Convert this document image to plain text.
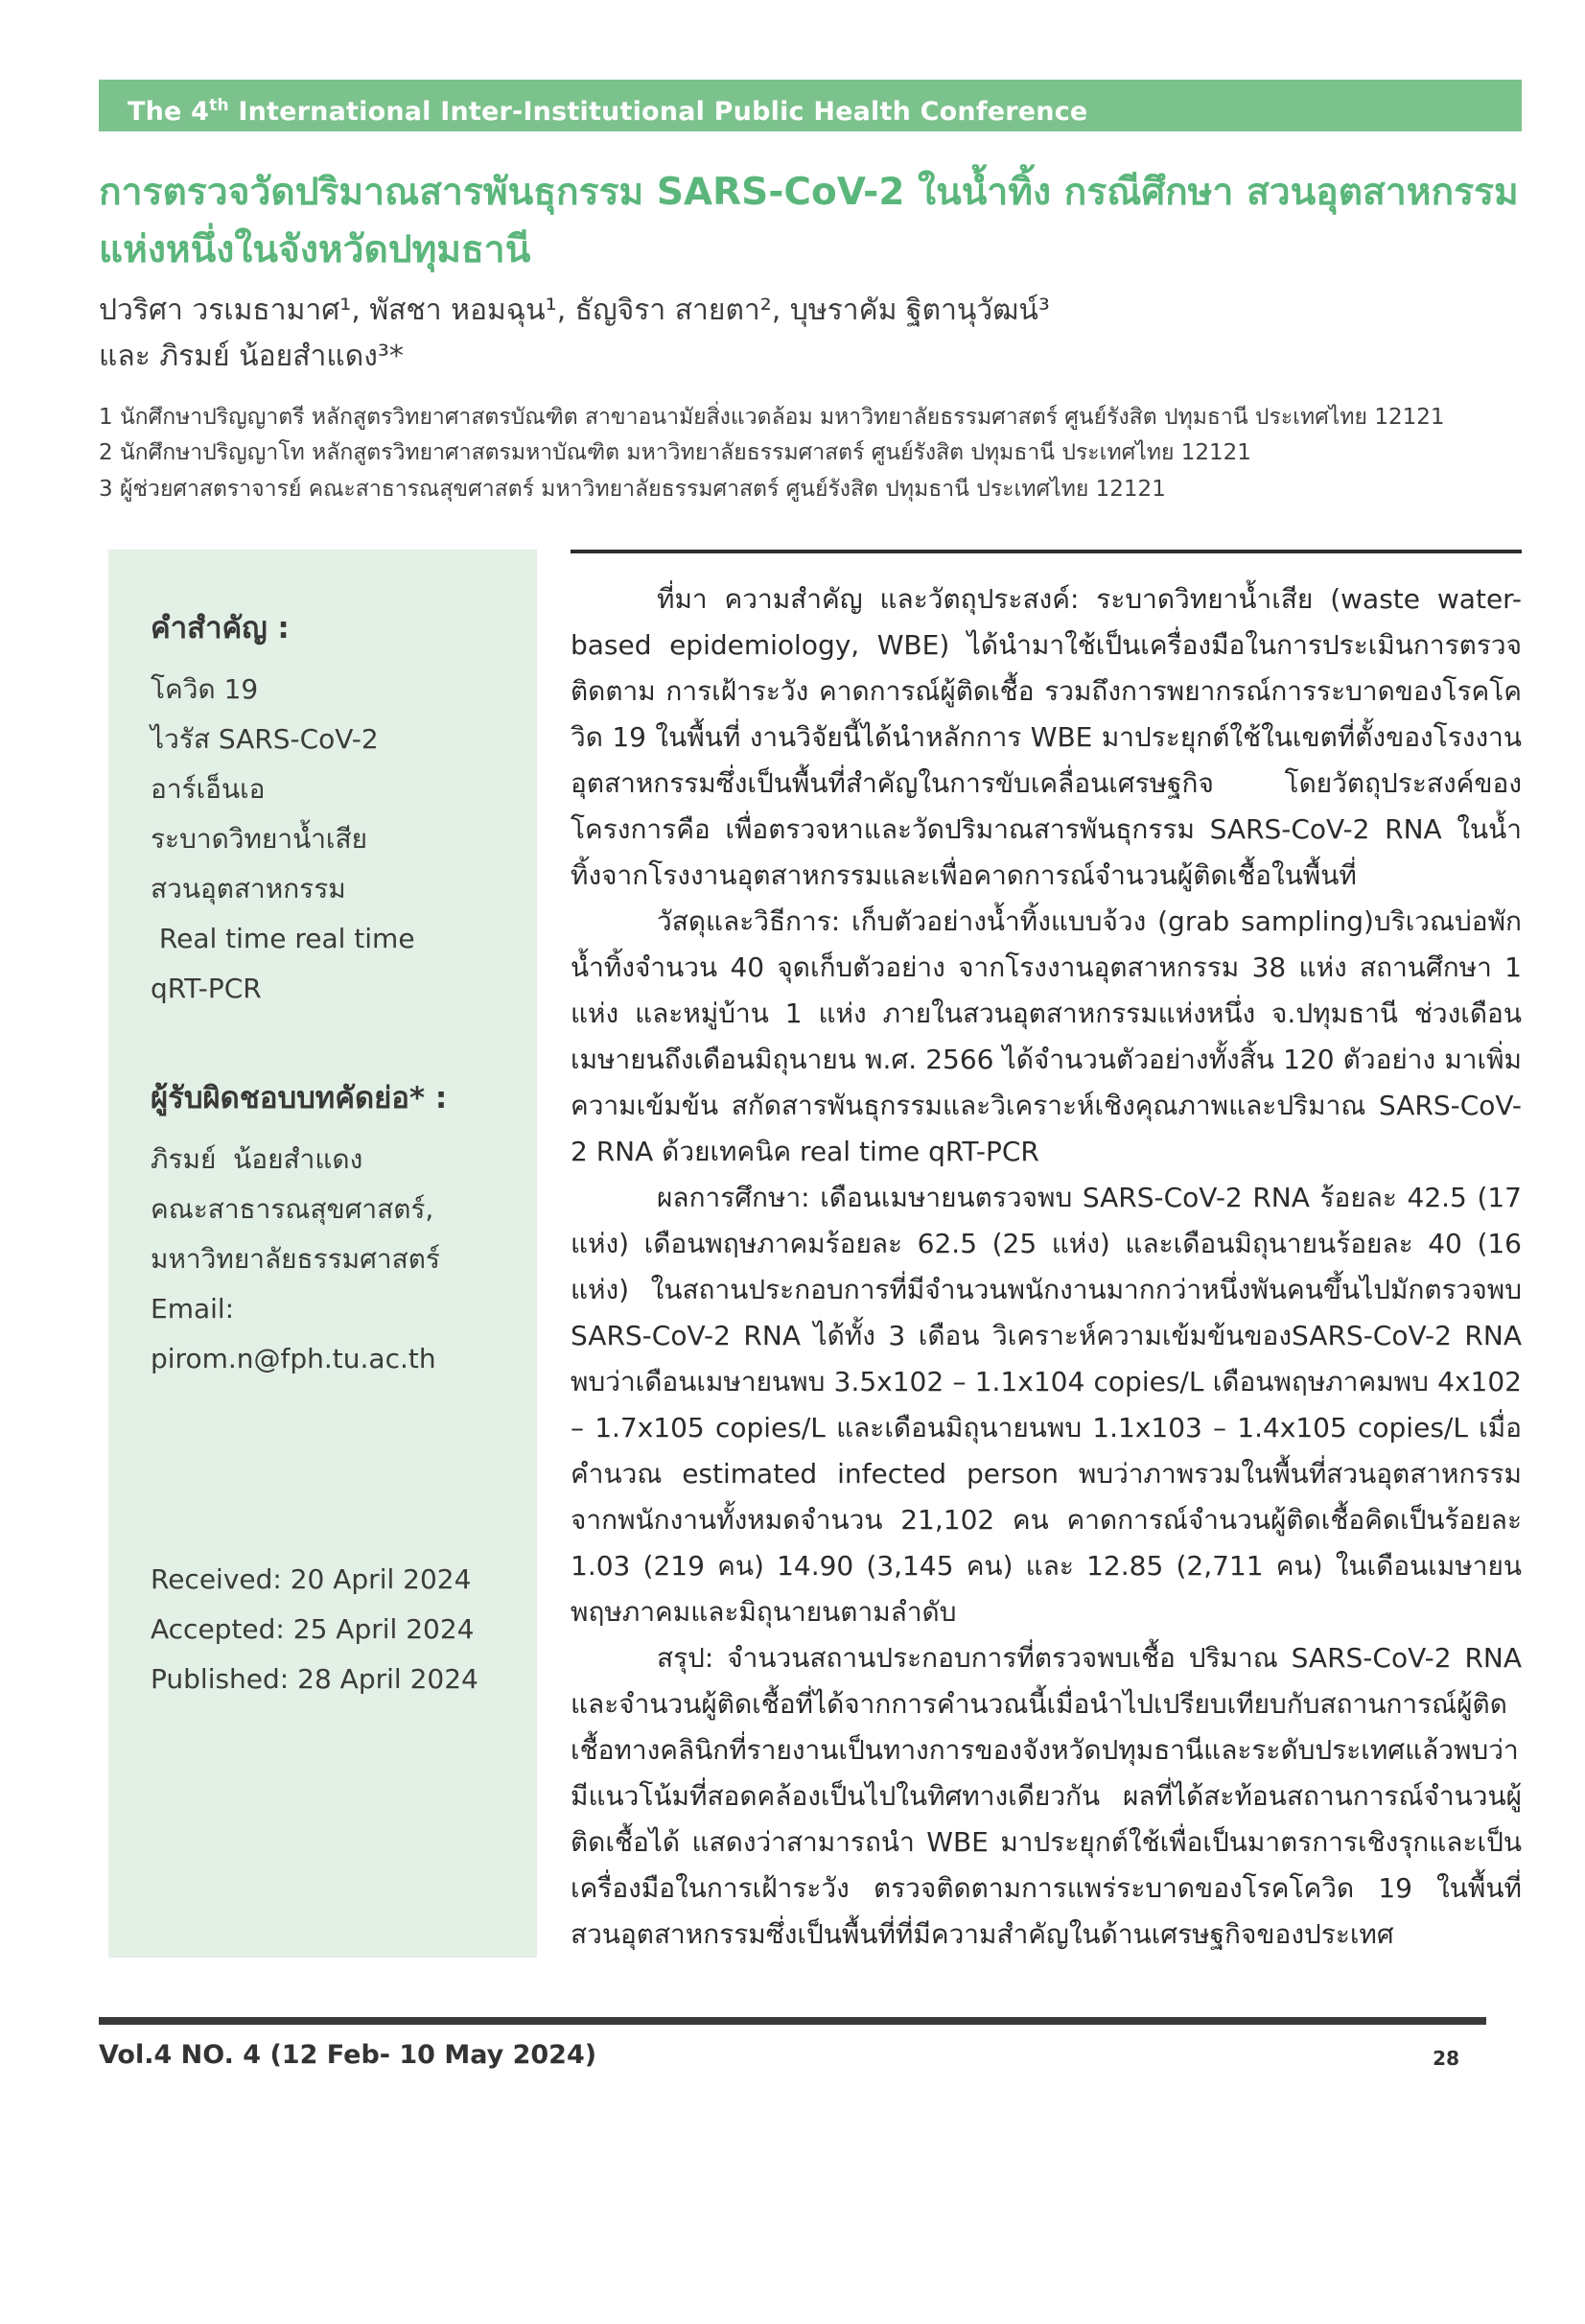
The 4th International Inter-Institutional Public Health Conference
การตรวจวัดปริมาณสารพันธุกรรม SARS-CoV-2 ในน้ำทิ้ง กรณีศึกษา สวนอุตสาหกรรม แห่งหนึ่งในจังหวัดปทุมธานี
ปวริศา วรเมธามาศ¹, พัสชา หอมฉุน¹, ธัญจิรา สายตา², บุษราคัม ฐิตานุวัฒน์³
และ ภิรมย์ น้อยสำแดง³*
1 นักศึกษาปริญญาตรี หลักสูตรวิทยาศาสตรบัณฑิต สาขาอนามัยสิ่งแวดล้อม มหาวิทยาลัยธรรมศาสตร์ ศูนย์รังสิต ปทุมธานี ประเทศไทย 12121
2 นักศึกษาปริญญาโท หลักสูตรวิทยาศาสตรมหาบัณฑิต มหาวิทยาลัยธรรมศาสตร์ ศูนย์รังสิต ปทุมธานี ประเทศไทย 12121
3 ผู้ช่วยศาสตราจารย์ คณะสาธารณสุขศาสตร์ มหาวิทยาลัยธรรมศาสตร์ ศูนย์รังสิต ปทุมธานี ประเทศไทย 12121
คำสำคัญ :
โควิด 19
ไวรัส SARS-CoV-2
อาร์เอ็นเอ
ระบาดวิทยาน้ำเสีย
สวนอุตสาหกรรม
Real time real time
qRT-PCR
ผู้รับผิดชอบบทคัดย่อ* :
ภิรมย์  น้อยสำแดง
คณะสาธารณสุขศาสตร์,
มหาวิทยาลัยธรรมศาสตร์
Email: pirom.n@fph.tu.ac.th
Received: 20 April 2024
Accepted: 25 April 2024
Published: 28 April 2024

ที่มา ความสำคัญ และวัตถุประสงค์: ระบาดวิทยาน้ำเสีย (waste water-based epidemiology, WBE) ได้นำมาใช้เป็นเครื่องมือในการประเมินการตรวจติดตาม การเฝ้าระวัง คาดการณ์ผู้ติดเชื้อ รวมถึงการพยากรณ์การระบาดของโรคโควิด 19 ในพื้นที่ งานวิจัยนี้ได้นำหลักการ WBE มาประยุกต์ใช้ในเขตที่ตั้งของโรงงานอุตสาหกรรมซึ่งเป็นพื้นที่สำคัญในการขับเคลื่อนเศรษฐกิจ โดยวัตถุประสงค์ของโครงการคือ เพื่อตรวจหาและวัดปริมาณสารพันธุกรรม SARS-CoV-2 RNA ในน้ำทิ้งจากโรงงานอุตสาหกรรมและเพื่อคาดการณ์จำนวนผู้ติดเชื้อในพื้นที่

วัสดุและวิธีการ: เก็บตัวอย่างน้ำทิ้งแบบจ้วง (grab sampling)บริเวณบ่อพักน้ำทิ้งจำนวน 40 จุดเก็บตัวอย่าง จากโรงงานอุตสาหกรรม 38 แห่ง สถานศึกษา 1 แห่ง และหมู่บ้าน 1 แห่ง ภายในสวนอุตสาหกรรมแห่งหนึ่ง จ.ปทุมธานี ช่วงเดือนเมษายนถึงเดือนมิถุนายน พ.ศ. 2566 ได้จำนวนตัวอย่างทั้งสิ้น 120 ตัวอย่าง มาเพิ่มความเข้มข้น สกัดสารพันธุกรรมและวิเคราะห์เชิงคุณภาพและปริมาณ SARS-CoV-2 RNA ด้วยเทคนิค real time qRT-PCR

ผลการศึกษา: เดือนเมษายนตรวจพบ SARS-CoV-2 RNA ร้อยละ 42.5 (17 แห่ง) เดือนพฤษภาคมร้อยละ 62.5 (25 แห่ง) และเดือนมิถุนายนร้อยละ 40 (16 แห่ง) ในสถานประกอบการที่มีจำนวนพนักงานมากกว่าหนึ่งพันคนขึ้นไปมักตรวจพบ SARS-CoV-2 RNA ได้ทั้ง 3 เดือน วิเคราะห์ความเข้มข้นของSARS-CoV-2 RNA พบว่าเดือนเมษายนพบ 3.5x102 – 1.1x104 copies/L เดือนพฤษภาคมพบ 4x102 – 1.7x105 copies/L และเดือนมิถุนายนพบ 1.1x103 – 1.4x105 copies/L เมื่อคำนวณ estimated infected person พบว่าภาพรวมในพื้นที่สวนอุตสาหกรรมจากพนักงานทั้งหมดจำนวน 21,102 คน คาดการณ์จำนวนผู้ติดเชื้อคิดเป็นร้อยละ 1.03 (219 คน) 14.90 (3,145 คน) และ 12.85 (2,711 คน) ในเดือนเมษายน พฤษภาคมและมิถุนายนตามลำดับ

สรุป: จำนวนสถานประกอบการที่ตรวจพบเชื้อ ปริมาณ SARS-CoV-2 RNA และจำนวนผู้ติดเชื้อที่ได้จากการคำนวณนี้เมื่อนำไปเปรียบเทียบกับสถานการณ์ผู้ติดเชื้อทางคลินิกที่รายงานเป็นทางการของจังหวัดปทุมธานีและระดับประเทศแล้วพบว่ามีแนวโน้มที่สอดคล้องเป็นไปในทิศทางเดียวกัน ผลที่ได้สะท้อนสถานการณ์จำนวนผู้ติดเชื้อได้ แสดงว่าสามารถนำ WBE มาประยุกต์ใช้เพื่อเป็นมาตรการเชิงรุกและเป็นเครื่องมือในการเฝ้าระวัง ตรวจติดตามการแพร่ระบาดของโรคโควิด 19 ในพื้นที่สวนอุตสาหกรรมซึ่งเป็นพื้นที่ที่มีความสำคัญในด้านเศรษฐกิจของประเทศ

Vol.4 NO. 4 (12 Feb- 10 May 2024)	28
